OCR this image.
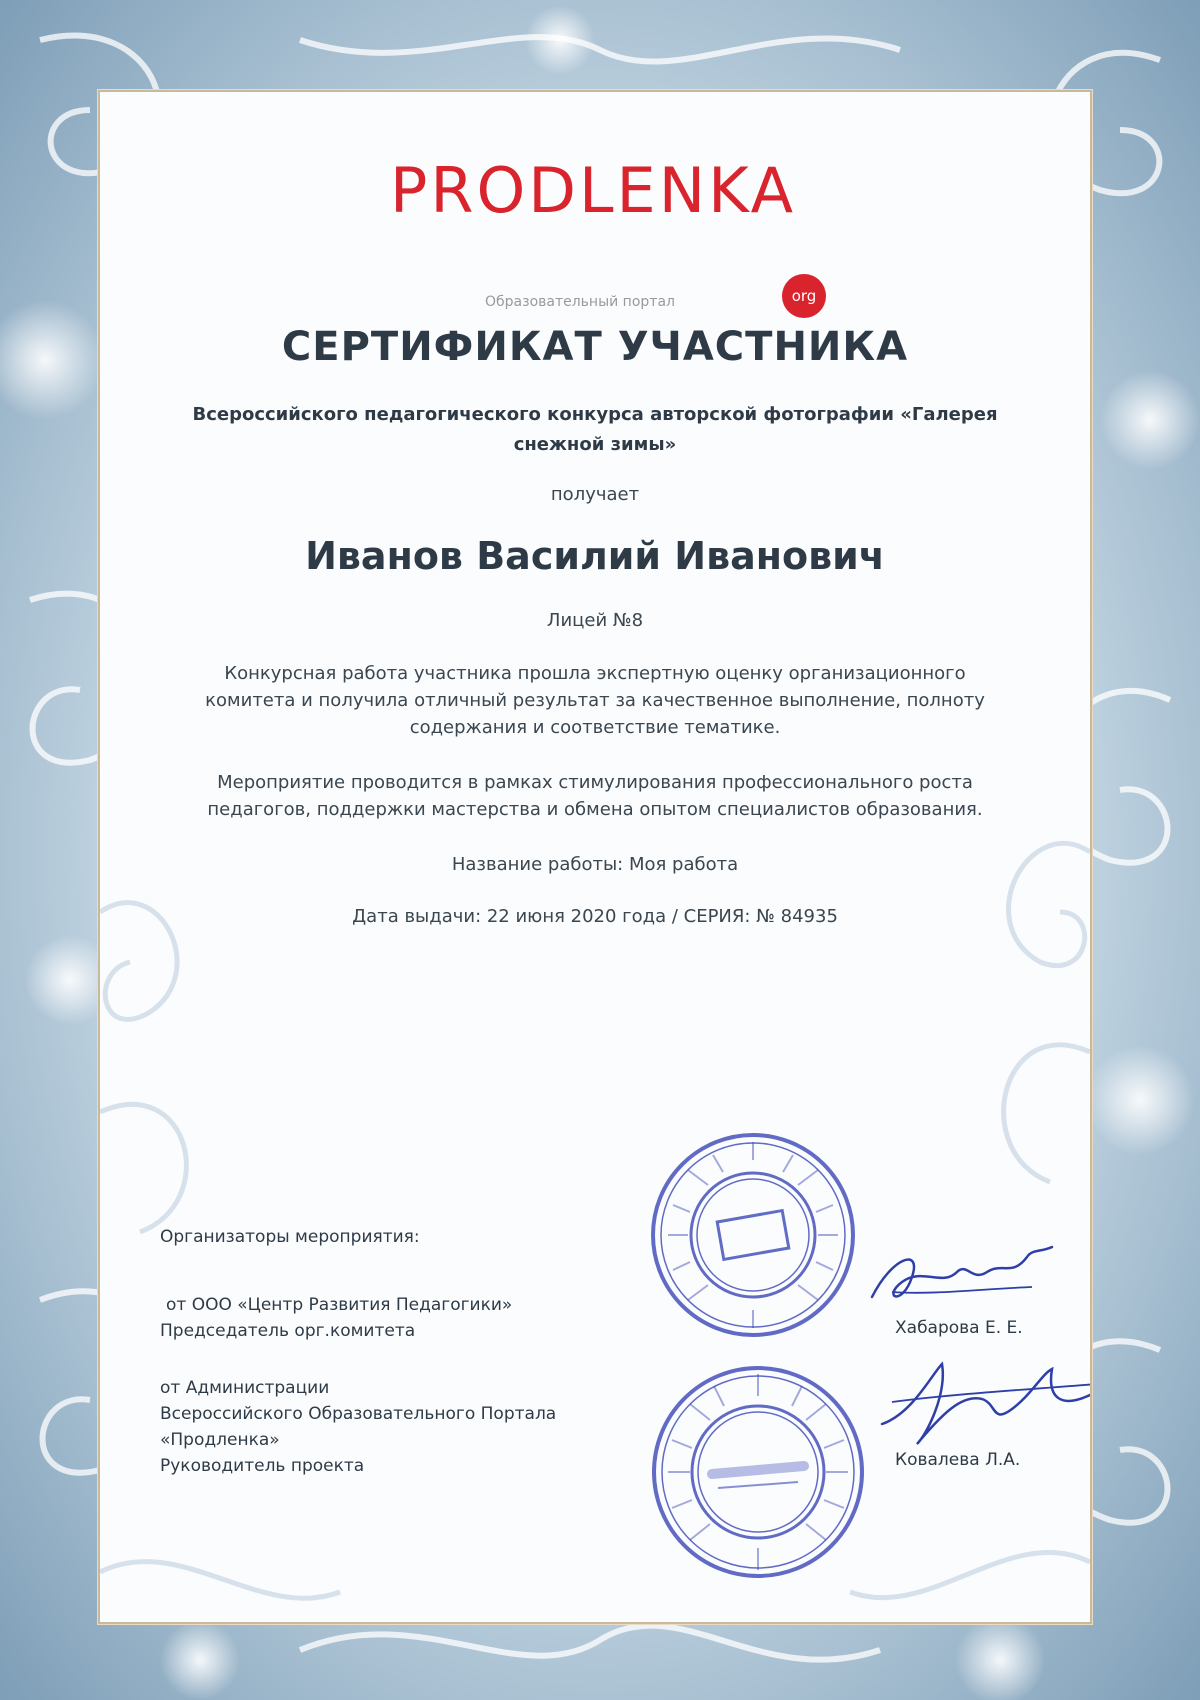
PRODLENKA
org
Образовательный портал
СЕРТИФИКАТ УЧАСТНИКА
Всероссийского педагогического конкурса авторской фотографии «Галерея
снежной зимы»
получает
Иванов Василий Иванович
Лицей №8
Конкурсная работа участника прошла экспертную оценку организационного
комитета и получила отличный результат за качественное выполнение, полноту
содержания и соответствие тематике.
Мероприятие проводится в рамках стимулирования профессионального роста
педагогов, поддержки мастерства и обмена опытом специалистов образования.
Название работы: Моя работа
Дата выдачи: 22 июня 2020 года / СЕРИЯ: № 84935
Организаторы мероприятия:
от ООО «Центр Развития Педагогики»
Председатель орг.комитета	Хабарова Е. Е.
от Администрации
Всероссийского Образовательного Портала
«Продленка»
Руководитель проекта	Ковалева Л.А.
